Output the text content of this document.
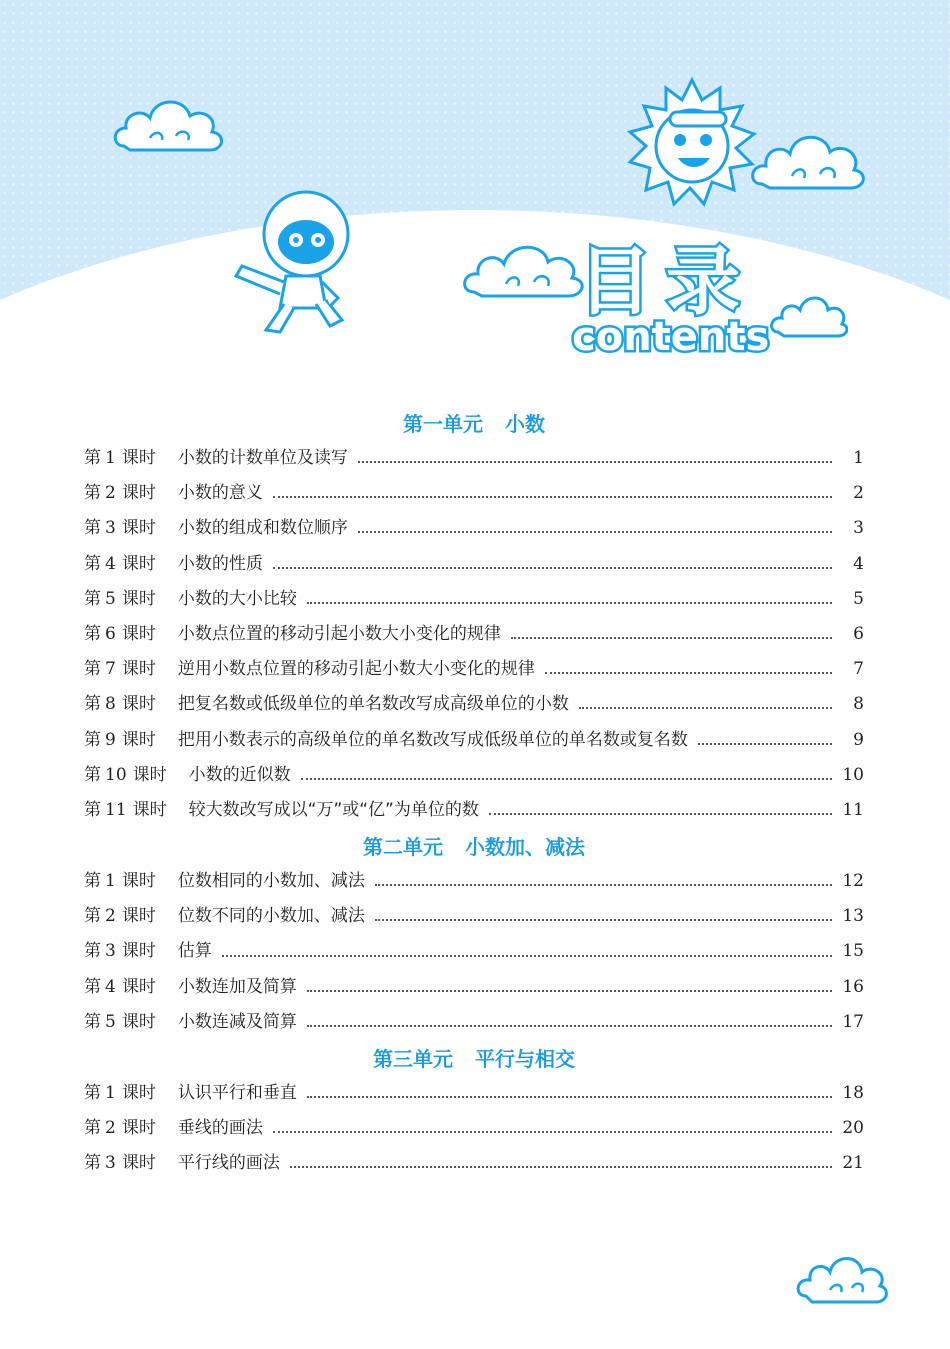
目录
contents
第一单元 小数
第 1 课时 小数的计数单位及读写	1
第 2 课时 小数的意义	2
第 3 课时 小数的组成和数位顺序	3
第 4 课时 小数的性质	4
第 5 课时 小数的大小比较	5
第 6 课时 小数点位置的移动引起小数大小变化的规律	6
第 7 课时 逆用小数点位置的移动引起小数大小变化的规律	7
第 8 课时 把复名数或低级单位的单名数改写成高级单位的小数	8
第 9 课时 把用小数表示的高级单位的单名数改写成低级单位的单名数或复名数	9
第 10 课时 小数的近似数	10
第 11 课时 较大数改写成以“万”或“亿”为单位的数	11
第二单元 小数加、减法
第 1 课时 位数相同的小数加、减法	12
第 2 课时 位数不同的小数加、减法	13
第 3 课时 估算	15
第 4 课时 小数连加及简算	16
第 5 课时 小数连减及简算	17
第三单元 平行与相交
第 1 课时 认识平行和垂直	18
第 2 课时 垂线的画法	20
第 3 课时 平行线的画法	21
